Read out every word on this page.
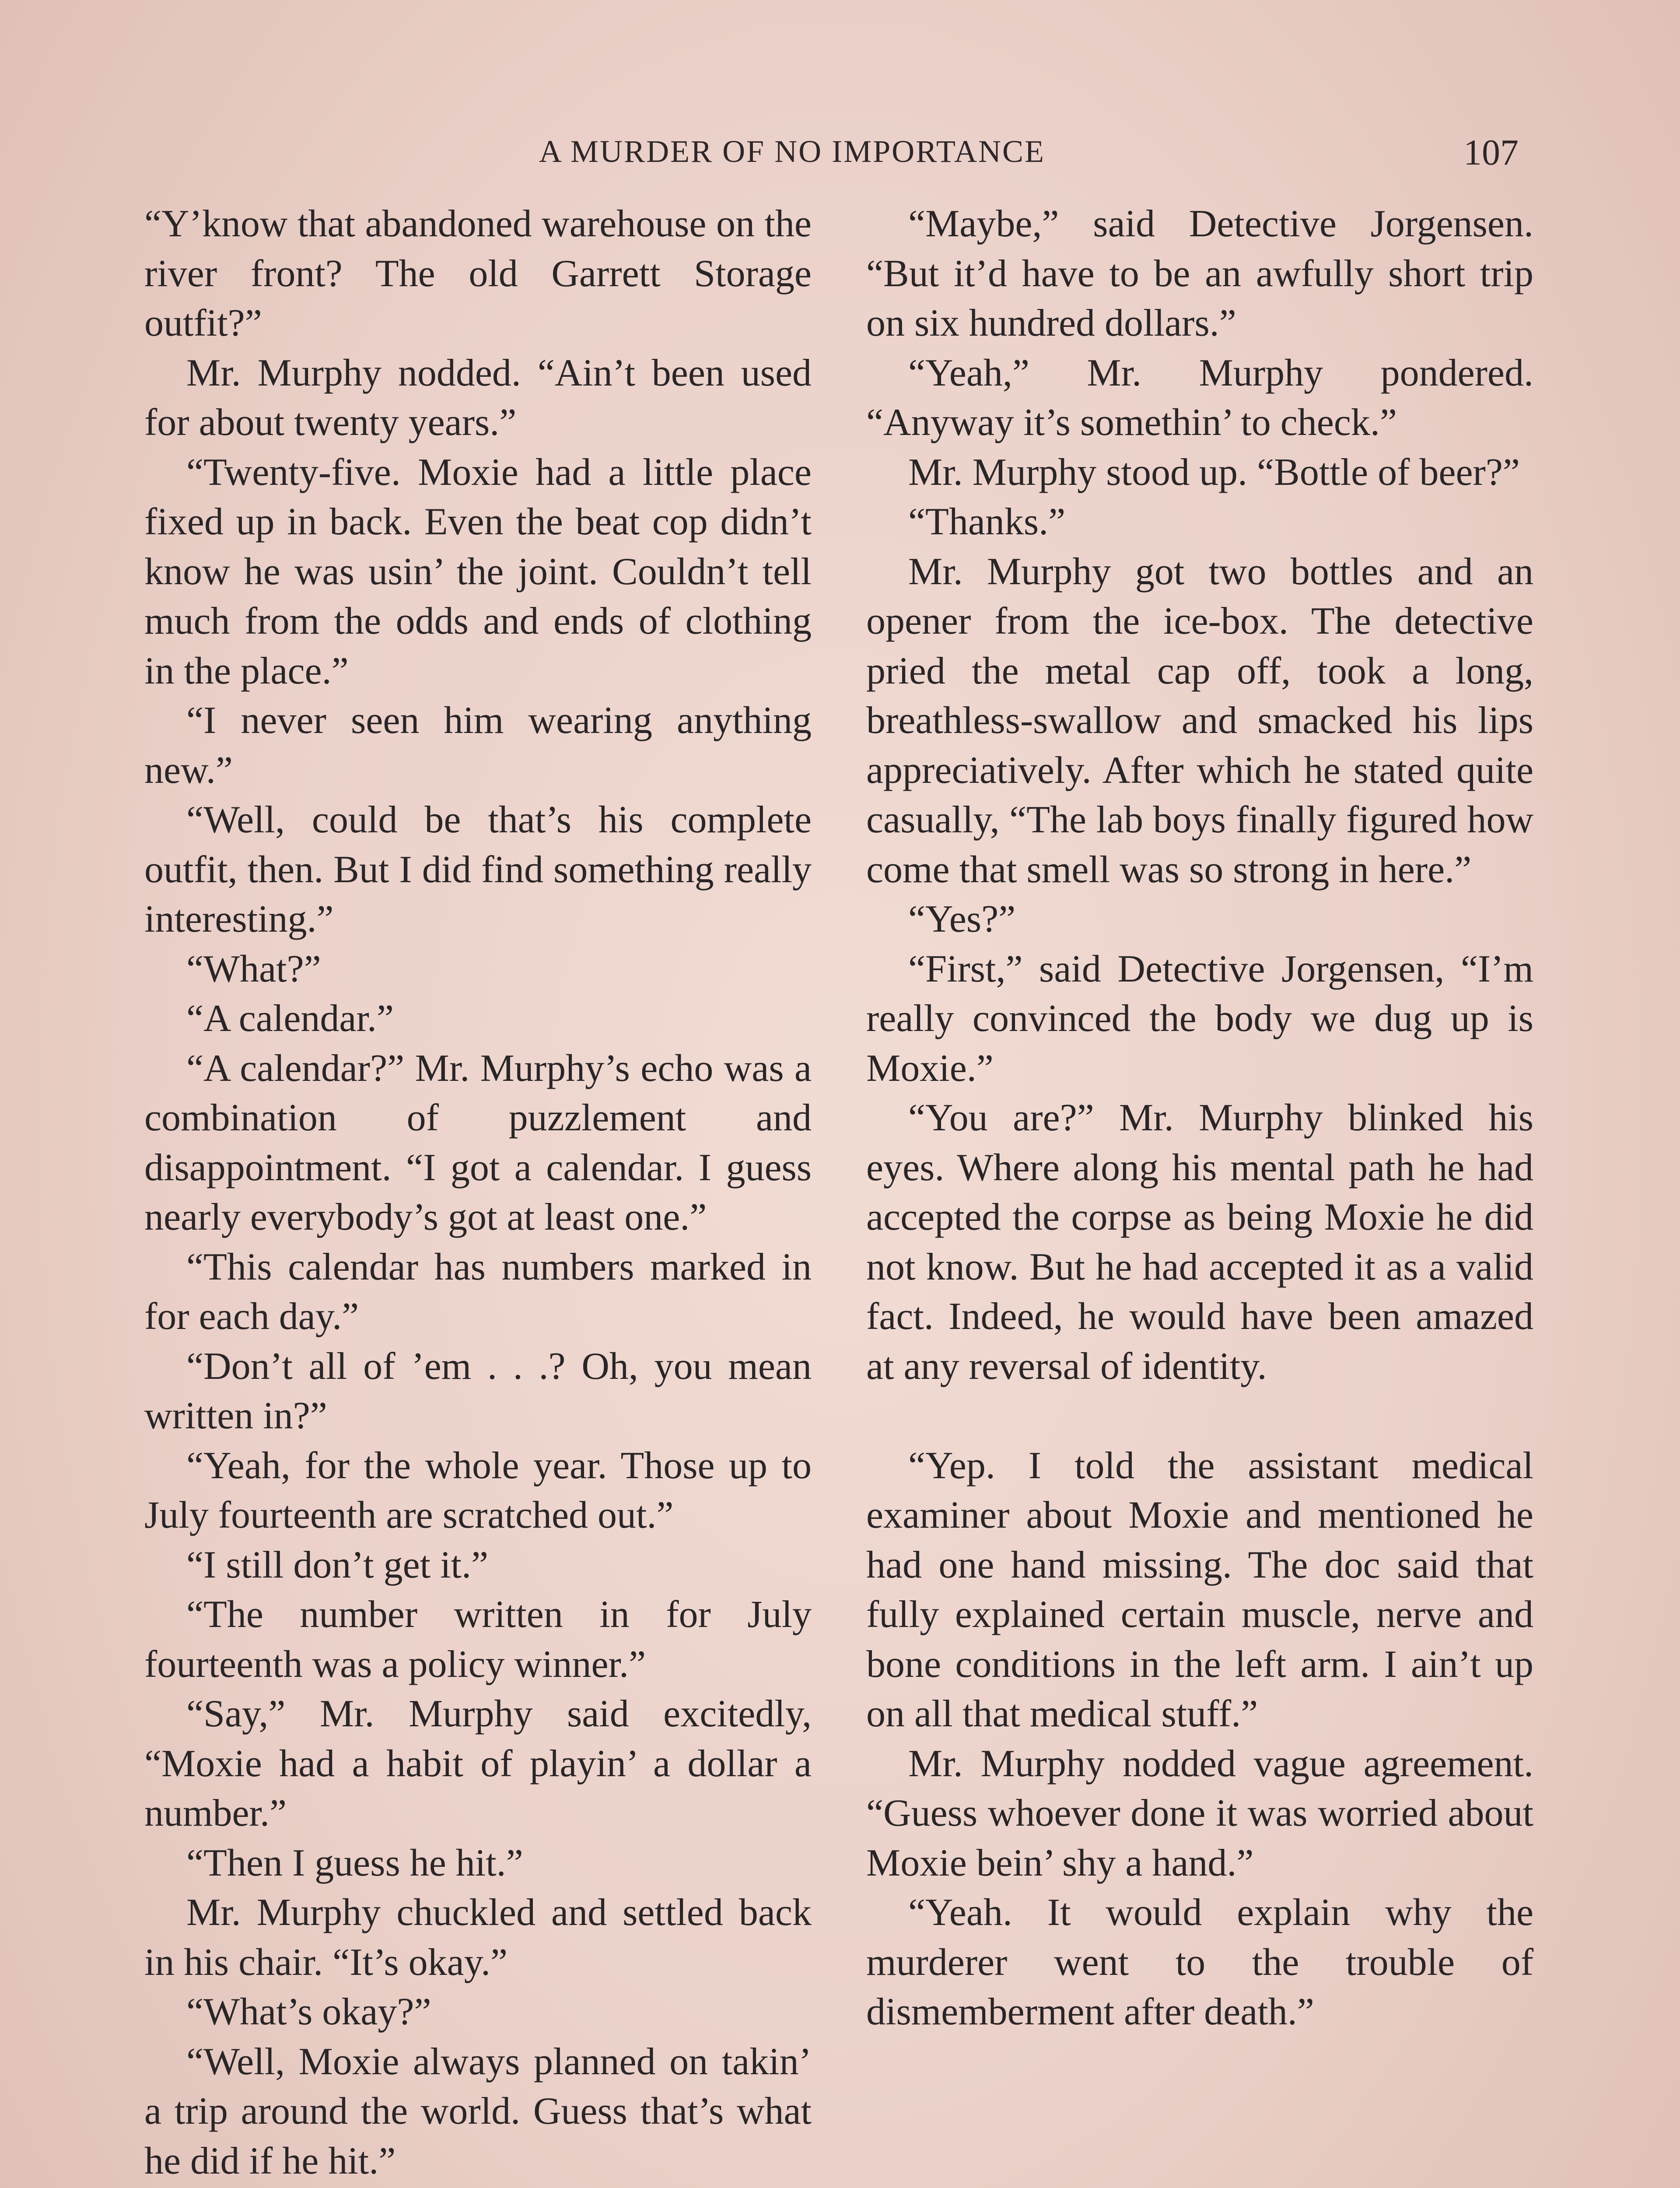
A MURDER OF NO IMPORTANCE	107

“Y’know that abandoned warehouse on the river front? The old Garrett Storage outfit?”

Mr. Murphy nodded. “Ain’t been used for about twenty years.”

“Twenty-five. Moxie had a little place fixed up in back. Even the beat cop didn’t know he was usin’ the joint. Couldn’t tell much from the odds and ends of clothing in the place.”

“I never seen him wearing anything new.”

“Well, could be that’s his complete outfit, then. But I did find something really interesting.”

“What?”

“A calendar.”

“A calendar?” Mr. Murphy’s echo was a combination of puzzlement and disappointment. “I got a calendar. I guess nearly everybody’s got at least one.”

“This calendar has numbers marked in for each day.”

“Don’t all of ’em . . .? Oh, you mean written in?”

“Yeah, for the whole year. Those up to July fourteenth are scratched out.”

“I still don’t get it.”

“The number written in for July fourteenth was a policy winner.”

“Say,” Mr. Murphy said excitedly, “Moxie had a habit of playin’ a dollar a number.”

“Then I guess he hit.”

Mr. Murphy chuckled and settled back in his chair. “It’s okay.”

“What’s okay?”

“Well, Moxie always planned on takin’ a trip around the world. Guess that’s what he did if he hit.”

“Maybe,” said Detective Jorgensen. “But it’d have to be an awfully short trip on six hundred dollars.”

“Yeah,” Mr. Murphy pondered. “Anyway it’s somethin’ to check.”

Mr. Murphy stood up. “Bottle of beer?”

“Thanks.”

Mr. Murphy got two bottles and an opener from the ice-box. The detective pried the metal cap off, took a long, breathless-swallow and smacked his lips appreciatively. After which he stated quite casually, “The lab boys finally figured how come that smell was so strong in here.”

“Yes?”

“First,” said Detective Jorgensen, “I’m really convinced the body we dug up is Moxie.”

“You are?” Mr. Murphy blinked his eyes. Where along his mental path he had accepted the corpse as being Moxie he did not know. But he had accepted it as a valid fact. Indeed, he would have been amazed at any reversal of identity.

“Yep. I told the assistant medical examiner about Moxie and mentioned he had one hand missing. The doc said that fully explained certain muscle, nerve and bone conditions in the left arm. I ain’t up on all that medical stuff.”

Mr. Murphy nodded vague agreement. “Guess whoever done it was worried about Moxie bein’ shy a hand.”

“Yeah. It would explain why the murderer went to the trouble of dismemberment after death.”
